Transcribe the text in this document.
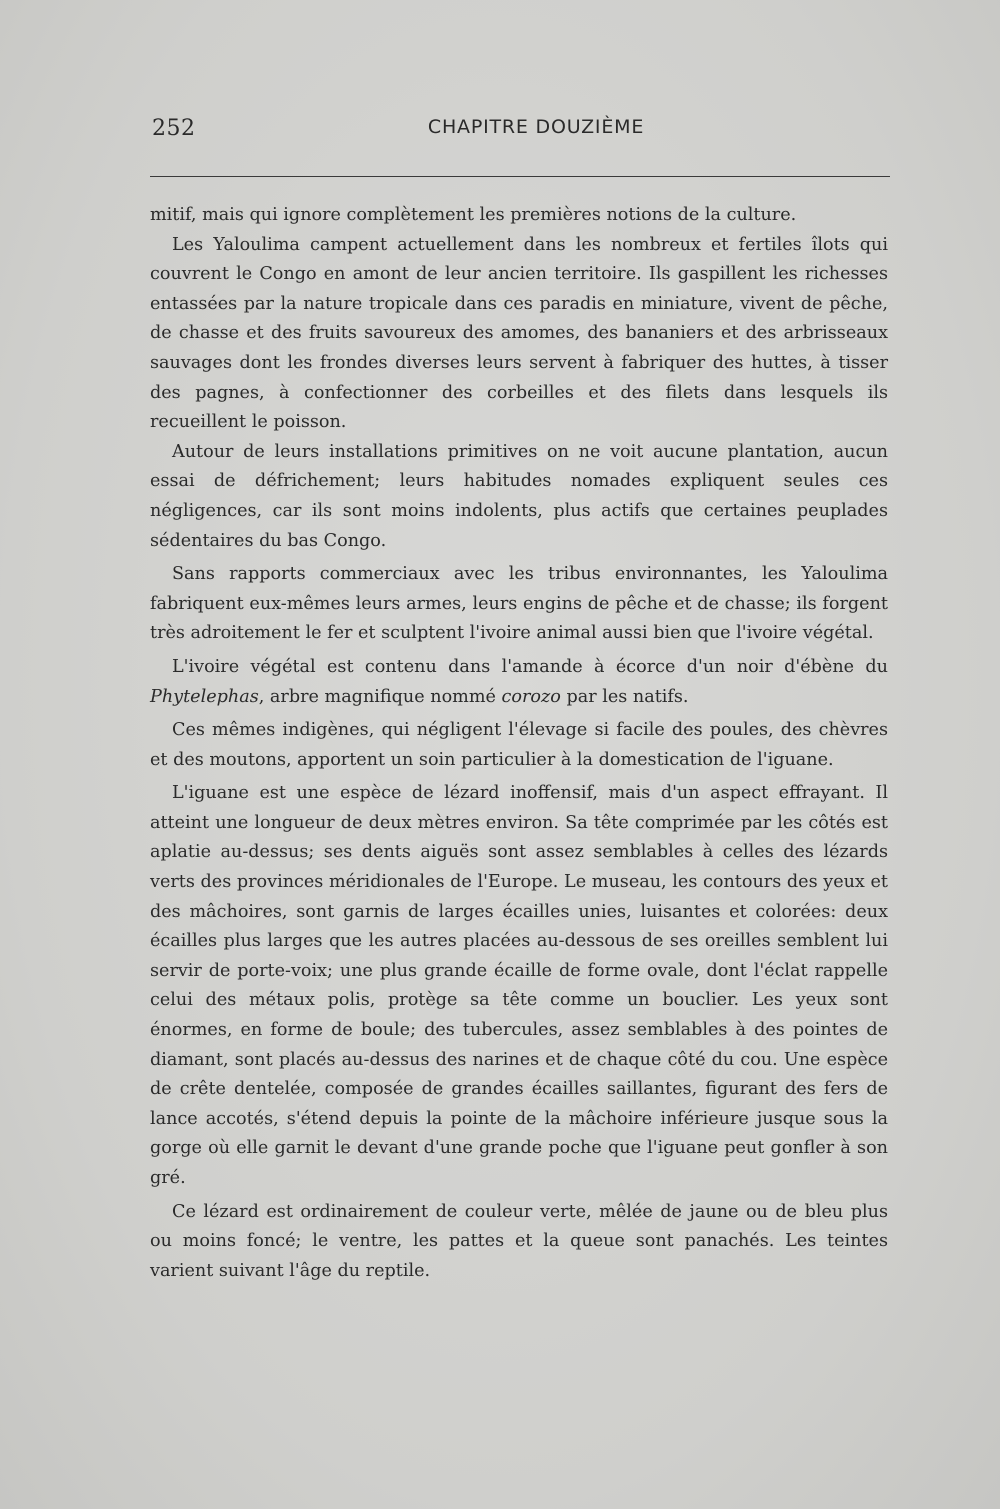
252	CHAPITRE DOUZIÈME

mitif, mais qui ignore complètement les premières notions de la culture.

Les Yaloulima campent actuellement dans les nombreux et fertiles îlots qui couvrent le Congo en amont de leur ancien territoire. Ils gaspillent les richesses entassées par la nature tropicale dans ces paradis en miniature, vivent de pêche, de chasse et des fruits savoureux des amomes, des bananiers et des arbrisseaux sauvages dont les frondes diverses leurs servent à fabriquer des huttes, à tisser des pagnes, à confectionner des corbeilles et des filets dans lesquels ils recueillent le poisson.

Autour de leurs installations primitives on ne voit aucune plantation, aucun essai de défrichement; leurs habitudes nomades expliquent seules ces négligences, car ils sont moins indolents, plus actifs que certaines peuplades sédentaires du bas Congo.

Sans rapports commerciaux avec les tribus environnantes, les Yaloulima fabriquent eux-mêmes leurs armes, leurs engins de pêche et de chasse; ils forgent très adroitement le fer et sculptent l'ivoire animal aussi bien que l'ivoire végétal.

L'ivoire végétal est contenu dans l'amande à écorce d'un noir d'ébène du Phytelephas, arbre magnifique nommé corozo par les natifs.

Ces mêmes indigènes, qui négligent l'élevage si facile des poules, des chèvres et des moutons, apportent un soin particulier à la domestication de l'iguane.

L'iguane est une espèce de lézard inoffensif, mais d'un aspect effrayant. Il atteint une longueur de deux mètres environ. Sa tête comprimée par les côtés est aplatie au-dessus; ses dents aiguës sont assez semblables à celles des lézards verts des provinces méridionales de l'Europe. Le museau, les contours des yeux et des mâchoires, sont garnis de larges écailles unies, luisantes et colorées: deux écailles plus larges que les autres placées au-dessous de ses oreilles semblent lui servir de porte-voix; une plus grande écaille de forme ovale, dont l'éclat rappelle celui des métaux polis, protège sa tête comme un bouclier. Les yeux sont énormes, en forme de boule; des tubercules, assez semblables à des pointes de diamant, sont placés au-dessus des narines et de chaque côté du cou. Une espèce de crête dentelée, composée de grandes écailles saillantes, figurant des fers de lance accotés, s'étend depuis la pointe de la mâchoire inférieure jusque sous la gorge où elle garnit le devant d'une grande poche que l'iguane peut gonfler à son gré.

Ce lézard est ordinairement de couleur verte, mêlée de jaune ou de bleu plus ou moins foncé; le ventre, les pattes et la queue sont panachés. Les teintes varient suivant l'âge du reptile.
